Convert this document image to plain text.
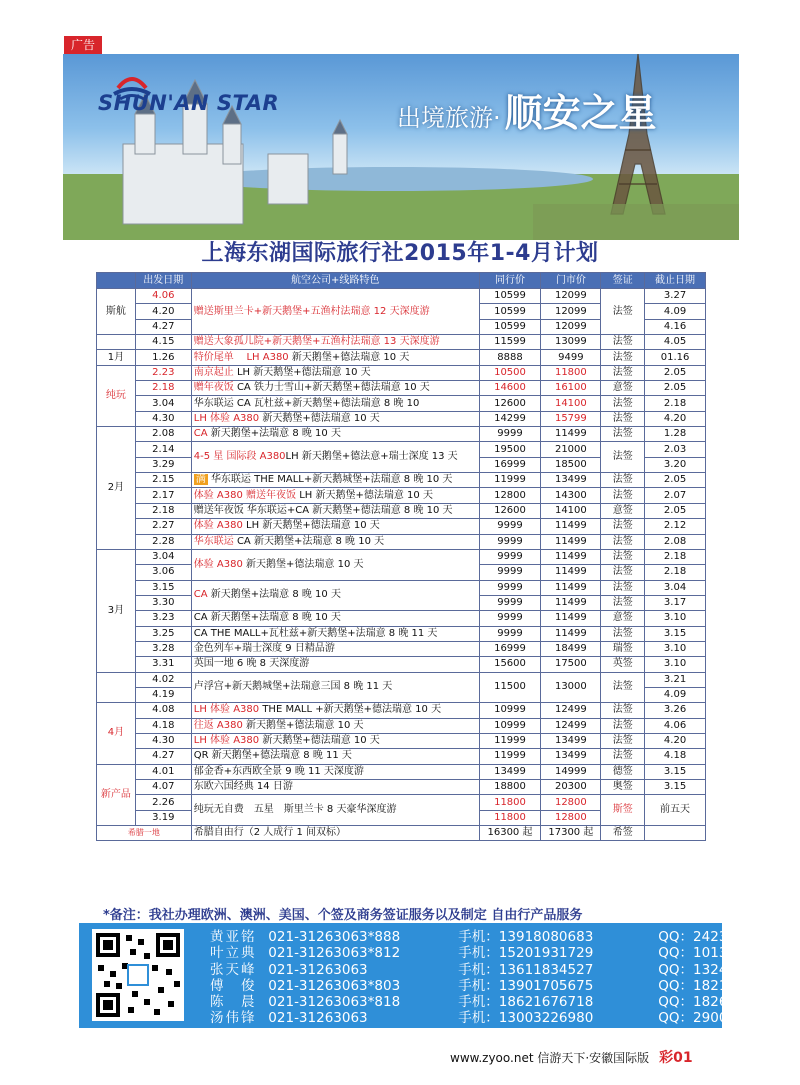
广告
SHUN'AN STAR
出境旅游· 顺安之星
上海东湖国际旅行社2015年1-4月计划
	出发日期	航空公司+线路特色	同行价	门市价	签证	截止日期
斯航	4.06	赠送斯里兰卡+新天鹅堡+五渔村法瑞意 12 天深度游	10599	12099	法签	3.27
	4.20		10599	12099		4.09
	4.27		10599	12099		4.16
	4.15	赠送大象孤儿院+新天鹅堡+五渔村法瑞意 13 天深度游	11599	13099	法签	4.05
1月	1.26	特价尾单 LH A380 新天鹅堡+德法瑞意 10 天	8888	9499	法签	01.16
纯玩	2.23	南京起止 LH 新天鹅堡+德法瑞意 10 天	10500	11800	法签	2.05
	2.18	赠年夜饭 CA 铁力士雪山+新天鹅堡+德法瑞意 10 天	14600	16100	意签	2.05
	3.04	华东联运 CA 瓦杜兹+新天鹅堡+德法瑞意 8 晚 10	12600	14100	法签	2.18
	4.30	LH 体验 A380 新天鹅堡+德法瑞意 10 天	14299	15799	法签	4.20
2月	2.08	CA 新天鹅堡+法瑞意 8 晚 10 天	9999	11499	法签	1.28
	2.14	4-5 星 国际段 A380LH 新天鹅堡+德法意+瑞士深度 13 天	19500	21000	法签	2.03
	3.29		16999	18500		3.20
	2.15	满 华东联运 THE MALL+新天鹅城堡+法瑞意 8 晚 10 天	11999	13499	法签	2.05
	2.17	体验 A380 赠送年夜饭 LH 新天鹅堡+德法瑞意 10 天	12800	14300	法签	2.07
	2.18	赠送年夜饭 华东联运+CA 新天鹅堡+德法瑞意 8 晚 10 天	12600	14100	意签	2.05
	2.27	体验 A380 LH 新天鹅堡+德法瑞意 10 天	9999	11499	法签	2.12
	2.28	华东联运 CA 新天鹅堡+法瑞意 8 晚 10 天	9999	11499	法签	2.08
3月	3.04	体验 A380 新天鹅堡+德法瑞意 10 天	9999	11499	法签	2.18
	3.06		9999	11499	法签	2.18
	3.15	CA 新天鹅堡+法瑞意 8 晚 10 天	9999	11499	法签	3.04
	3.30		9999	11499	法签	3.17
	3.23	CA 新天鹅堡+法瑞意 8 晚 10 天	9999	11499	意签	3.10
	3.25	CA THE MALL+瓦杜兹+新天鹅堡+法瑞意 8 晚 11 天	9999	11499	法签	3.15
	3.28	金色列车+瑞士深度 9 日精品游	16999	18499	瑞签	3.10
	3.31	英国一地 6 晚 8 天深度游	15600	17500	英签	3.10
	4.02	卢浮宫+新天鹅城堡+法瑞意三国 8 晚 11 天	11500	13000	法签	3.21
	4.19					4.09
4月	4.08	LH 体验 A380 THE MALL +新天鹅堡+德法瑞意 10 天	10999	12499	法签	3.26
	4.18	往返 A380 新天鹅堡+德法瑞意 10 天	10999	12499	法签	4.06
	4.30	LH 体验 A380 新天鹅堡+德法瑞意 10 天	11999	13499	法签	4.20
	4.27	QR 新天鹅堡+德法瑞意 8 晚 11 天	11999	13499	法签	4.18
新产品	4.01	郁金香+东西欧全景 9 晚 11 天深度游	13499	14999	德签	3.15
	4.07	东欧六国经典 14 日游	18800	20300	奥签	3.15
	2.26	纯玩无自费　五星　斯里兰卡 8 天豪华深度游	11800	12800	斯签	前五天
	3.19		11800	12800		
希腊一地		希腊自由行（2 人成行 1 间双标）	16300 起	17300 起	希签	
*备注：我社办理欧洲、澳洲、美国、个签及商务签证服务以及制定 自由行产品服务
黄亚铭 021-31263063*888	手机：13918080683	QQ：2423669710
叶立典 021-31263063*812	手机：15201931729	QQ：1013808609
张天峰 021-31263063	手机：13611834527	QQ：1324577903
傅　俊 021-31263063*803	手机：13901705675	QQ：1821073022
陈　晨 021-31263063*818	手机：18621676718	QQ：1826337986
汤伟锋 021-31263063	手机：13003226980	QQ：2900235868
www.zyoo.net 信游天下·安徽国际版 彩01
